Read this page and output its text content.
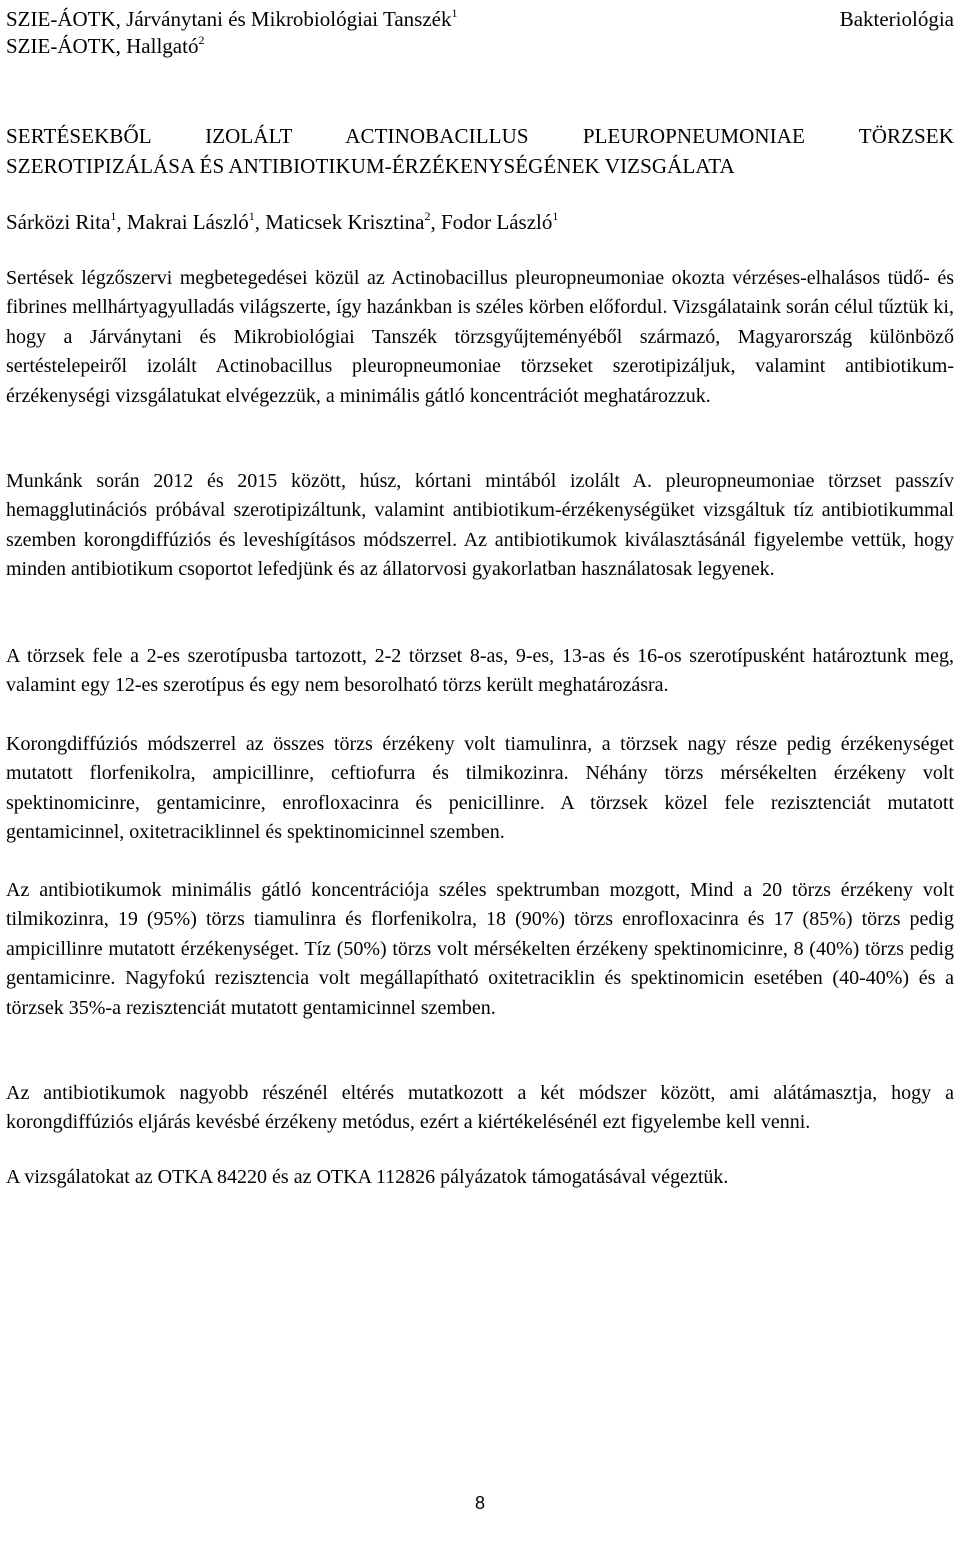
SZIE-ÁOTK, Járványtani és Mikrobiológiai Tanszék$^1$
SZIE-ÁOTK, Hallgató$^2$
Bakteriológia
SERTÉSEKBŐL IZOLÁLT ACTINOBACILLUS PLEUROPNEUMONIAE TÖRZSEK
SZEROTIPIZÁLÁSA ÉS ANTIBIOTIKUM-ÉRZÉKENYSÉGÉNEK VIZSGÁLATA
Sárközi Rita$^1$, Makrai László$^1$, Maticsek Krisztina$^2$, Fodor László$^1$

Sertések légzőszervi megbetegedései közül az Actinobacillus pleuropneumoniae okozta vérzéses-elhalásos tüdő- és fibrines mellhártyagyulladás világszerte, így hazánkban is széles körben előfordul. Vizsgálataink során célul tűztük ki, hogy a Járványtani és Mikrobiológiai Tanszék törzsgyűjteményéből származó, Magyarország különböző sertéstelepeiről izolált Actinobacillus pleuropneumoniae törzseket szerotipizáljuk, valamint antibiotikum-érzékenységi vizsgálatukat elvégezzük, a minimális gátló koncentrációt meghatározzuk.

Munkánk során 2012 és 2015 között, húsz, kórtani mintából izolált A. pleuropneumoniae törzset passzív hemagglutinációs próbával szerotipizáltunk, valamint antibiotikum-érzékenységüket vizsgáltuk tíz antibiotikummal szemben korongdiffúziós és leveshígításos módszerrel. Az antibiotikumok kiválasztásánál figyelembe vettük, hogy minden antibiotikum csoportot lefedjünk és az állatorvosi gyakorlatban használatosak legyenek.

A törzsek fele a 2-es szerotípusba tartozott, 2-2 törzset 8-as, 9-es, 13-as és 16-os szerotípusként határoztunk meg, valamint egy 12-es szerotípus és egy nem besorolható törzs került meghatározásra.

Korongdiffúziós módszerrel az összes törzs érzékeny volt tiamulinra, a törzsek nagy része pedig érzékenységet mutatott florfenikolra, ampicillinre, ceftiofurra és tilmikozinra. Néhány törzs mérsékelten érzékeny volt spektinomicinre, gentamicinre, enrofloxacinra és penicillinre. A törzsek közel fele rezisztenciát mutatott gentamicinnel, oxitetraciklinnel és spektinomicinnel szemben.

Az antibiotikumok minimális gátló koncentrációja széles spektrumban mozgott, Mind a 20 törzs érzékeny volt tilmikozinra, 19 (95%) törzs tiamulinra és florfenikolra, 18 (90%) törzs enrofloxacinra és 17 (85%) törzs pedig ampicillinre mutatott érzékenységet. Tíz (50%) törzs volt mérsékelten érzékeny spektinomicinre, 8 (40%) törzs pedig gentamicinre. Nagyfokú rezisztencia volt megállapítható oxitetraciklin és spektinomicin esetében (40-40%) és a törzsek 35%-a rezisztenciát mutatott gentamicinnel szemben.

Az antibiotikumok nagyobb részénél eltérés mutatkozott a két módszer között, ami alátámasztja, hogy a korongdiffúziós eljárás kevésbé érzékeny metódus, ezért a kiértékelésénél ezt figyelembe kell venni.

A vizsgálatokat az OTKA 84220 és az OTKA 112826 pályázatok támogatásával végeztük.

8
